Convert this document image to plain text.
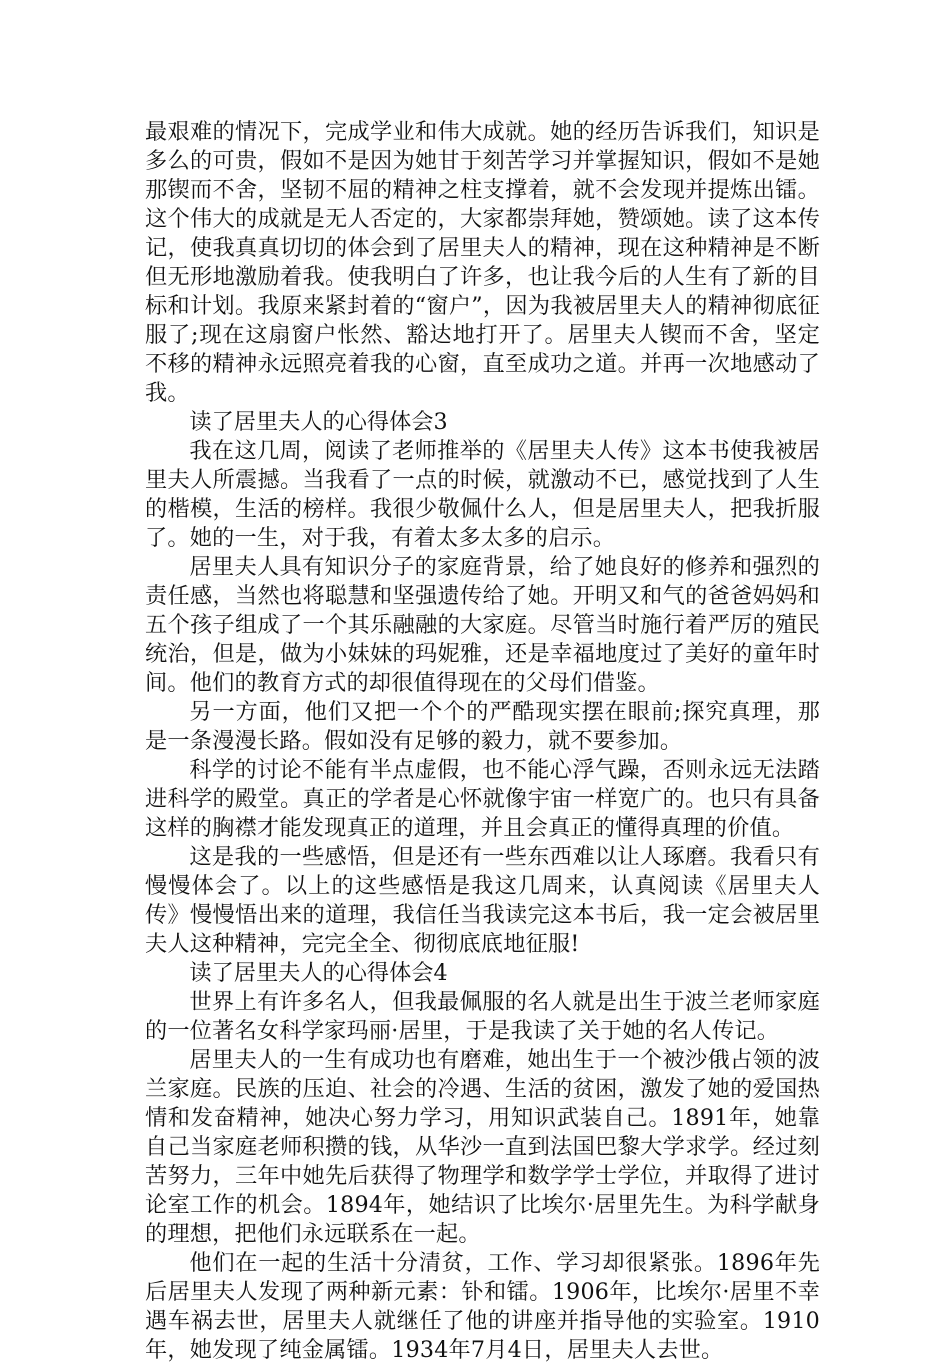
最艰难的情况下，完成学业和伟大成就。她的经历告诉我们，知识是多么的可贵，假如不是因为她甘于刻苦学习并掌握知识，假如不是她那锲而不舍，坚韧不屈的精神之柱支撑着，就不会发现并提炼出镭。这个伟大的成就是无人否定的，大家都崇拜她，赞颂她。读了这本传记，使我真真切切的体会到了居里夫人的精神，现在这种精神是不断但无形地激励着我。使我明白了许多，也让我今后的人生有了新的目标和计划。我原来紧封着的“窗户”，因为我被居里夫人的精神彻底征服了;现在这扇窗户怅然、豁达地打开了。居里夫人锲而不舍，坚定不移的精神永远照亮着我的心窗，直至成功之道。并再一次地感动了我。

读了居里夫人的心得体会3

我在这几周，阅读了老师推举的《居里夫人传》这本书使我被居里夫人所震撼。当我看了一点的时候，就激动不已，感觉找到了人生的楷模，生活的榜样。我很少敬佩什么人，但是居里夫人，把我折服了。她的一生，对于我，有着太多太多的启示。

居里夫人具有知识分子的家庭背景，给了她良好的修养和强烈的责任感，当然也将聪慧和坚强遗传给了她。开明又和气的爸爸妈妈和五个孩子组成了一个其乐融融的大家庭。尽管当时施行着严厉的殖民统治，但是，做为小妹妹的玛妮雅，还是幸福地度过了美好的童年时间。他们的教育方式的却很值得现在的父母们借鉴。

另一方面，他们又把一个个的严酷现实摆在眼前;探究真理，那是一条漫漫长路。假如没有足够的毅力，就不要参加。

科学的讨论不能有半点虚假，也不能心浮气躁，否则永远无法踏进科学的殿堂。真正的学者是心怀就像宇宙一样宽广的。也只有具备这样的胸襟才能发现真正的道理，并且会真正的懂得真理的价值。

这是我的一些感悟，但是还有一些东西难以让人琢磨。我看只有慢慢体会了。以上的这些感悟是我这几周来，认真阅读《居里夫人传》慢慢悟出来的道理，我信任当我读完这本书后，我一定会被居里夫人这种精神，完完全全、彻彻底底地征服!

读了居里夫人的心得体会4

世界上有许多名人，但我最佩服的名人就是出生于波兰老师家庭的一位著名女科学家玛丽·居里，于是我读了关于她的名人传记。

居里夫人的一生有成功也有磨难，她出生于一个被沙俄占领的波兰家庭。民族的压迫、社会的冷遇、生活的贫困，激发了她的爱国热情和发奋精神，她决心努力学习，用知识武装自己。1891年，她靠自己当家庭老师积攒的钱，从华沙一直到法国巴黎大学求学。经过刻苦努力，三年中她先后获得了物理学和数学学士学位，并取得了进讨论室工作的机会。1894年，她结识了比埃尔·居里先生。为科学献身的理想，把他们永远联系在一起。

他们在一起的生活十分清贫，工作、学习却很紧张。1896年先后居里夫人发现了两种新元素：钋和镭。1906年，比埃尔·居里不幸遇车祸去世，居里夫人就继任了他的讲座并指导他的实验室。1910年，她发现了纯金属镭。1934年7月4日，居里夫人去世。
